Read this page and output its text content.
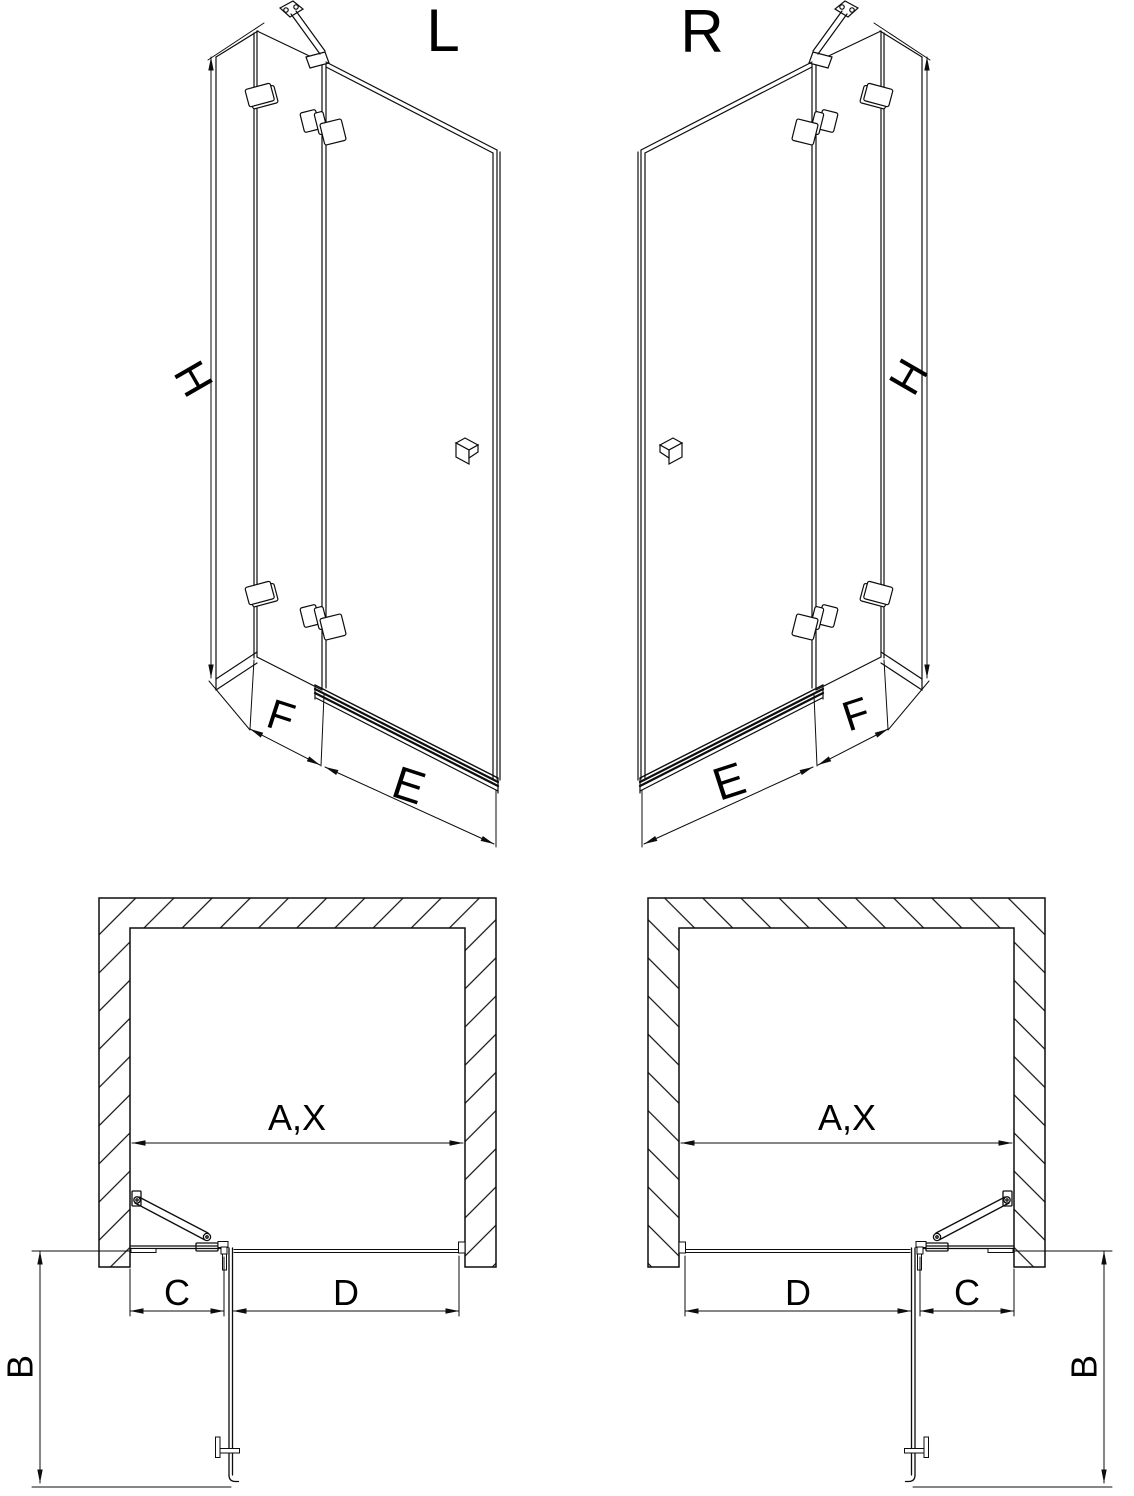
L	R
H
F
E
H
F
E
A,X
C	D
B
A,X
D	C
B
